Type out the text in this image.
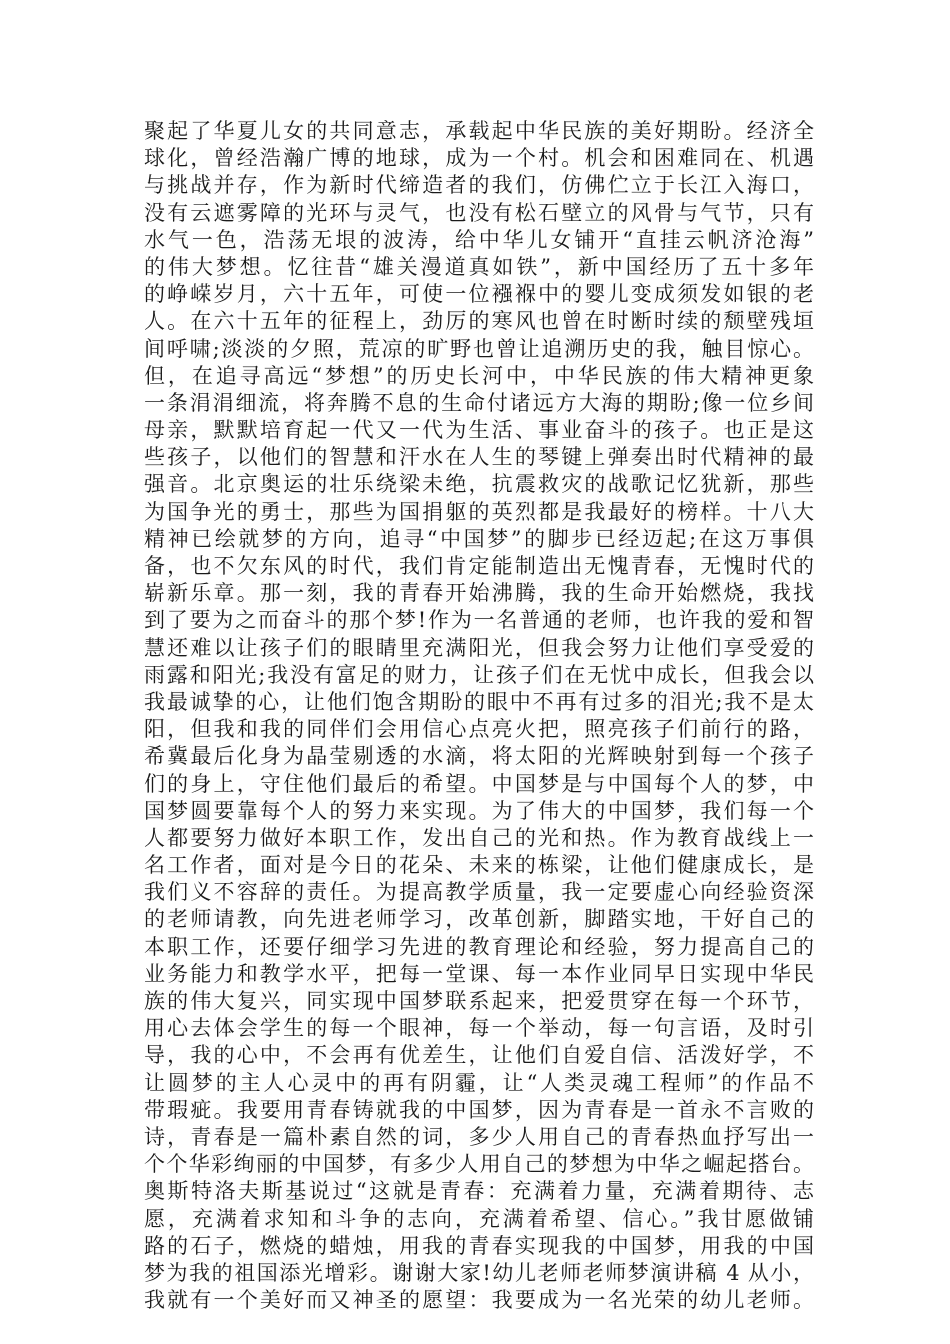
聚起了华夏儿女的共同意志，承载起中华民族的美好期盼。经济全
球化，曾经浩瀚广博的地球，成为一个村。机会和困难同在、机遇
与挑战并存，作为新时代缔造者的我们，仿佛伫立于长江入海口，
没有云遮雾障的光环与灵气，也没有松石壁立的风骨与气节，只有
水气一色，浩荡无垠的波涛，给中华儿女铺开“直挂云帆济沧海”
的伟大梦想。忆往昔“雄关漫道真如铁”，新中国经历了五十多年
的峥嵘岁月，六十五年，可使一位襁褓中的婴儿变成须发如银的老
人。在六十五年的征程上，劲厉的寒风也曾在时断时续的颓壁残垣
间呼啸;淡淡的夕照，荒凉的旷野也曾让追溯历史的我，触目惊心。
但，在追寻高远“梦想”的历史长河中，中华民族的伟大精神更象
一条涓涓细流，将奔腾不息的生命付诸远方大海的期盼;像一位乡间
母亲，默默培育起一代又一代为生活、事业奋斗的孩子。也正是这
些孩子，以他们的智慧和汗水在人生的琴键上弹奏出时代精神的最
强音。北京奥运的壮乐绕梁未绝，抗震救灾的战歌记忆犹新，那些
为国争光的勇士，那些为国捐躯的英烈都是我最好的榜样。十八大
精神已绘就梦的方向，追寻“中国梦”的脚步已经迈起;在这万事俱
备，也不欠东风的时代，我们肯定能制造出无愧青春，无愧时代的
崭新乐章。那一刻，我的青春开始沸腾，我的生命开始燃烧，我找
到了要为之而奋斗的那个梦!作为一名普通的老师，也许我的爱和智
慧还难以让孩子们的眼睛里充满阳光，但我会努力让他们享受爱的
雨露和阳光;我没有富足的财力，让孩子们在无忧中成长，但我会以
我最诚挚的心，让他们饱含期盼的眼中不再有过多的泪光;我不是太
阳，但我和我的同伴们会用信心点亮火把，照亮孩子们前行的路，
希冀最后化身为晶莹剔透的水滴，将太阳的光辉映射到每一个孩子
们的身上，守住他们最后的希望。中国梦是与中国每个人的梦，中
国梦圆要靠每个人的努力来实现。为了伟大的中国梦，我们每一个
人都要努力做好本职工作，发出自己的光和热。作为教育战线上一
名工作者，面对是今日的花朵、未来的栋梁，让他们健康成长，是
我们义不容辞的责任。为提高教学质量，我一定要虚心向经验资深
的老师请教，向先进老师学习，改革创新，脚踏实地，干好自己的
本职工作，还要仔细学习先进的教育理论和经验，努力提高自己的
业务能力和教学水平，把每一堂课、每一本作业同早日实现中华民
族的伟大复兴，同实现中国梦联系起来，把爱贯穿在每一个环节，
用心去体会学生的每一个眼神，每一个举动，每一句言语，及时引
导，我的心中，不会再有优差生，让他们自爱自信、活泼好学，不
让圆梦的主人心灵中的再有阴霾，让“人类灵魂工程师”的作品不
带瑕疵。我要用青春铸就我的中国梦，因为青春是一首永不言败的
诗，青春是一篇朴素自然的词，多少人用自己的青春热血抒写出一
个个华彩绚丽的中国梦，有多少人用自己的梦想为中华之崛起搭台。
奥斯特洛夫斯基说过“这就是青春：充满着力量，充满着期待、志
愿，充满着求知和斗争的志向，充满着希望、信心。”我甘愿做铺
路的石子，燃烧的蜡烛，用我的青春实现我的中国梦，用我的中国
梦为我的祖国添光增彩。谢谢大家!幼儿老师老师梦演讲稿 4 从小，
我就有一个美好而又神圣的愿望：我要成为一名光荣的幼儿老师。
